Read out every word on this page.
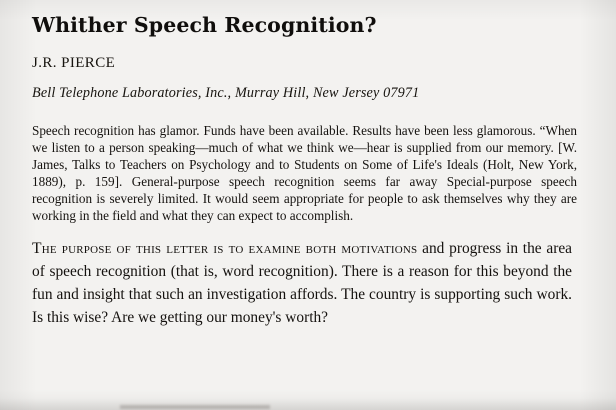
Whither Speech Recognition?
J.R. PIERCE
Bell Telephone Laboratories, Inc., Murray Hill, New Jersey 07971

Speech recognition has glamor. Funds have been available. Results have been less glamorous. “When we listen to a person speaking—much of what we think we—hear is supplied from our memory. [W. James, Talks to Teachers on Psychology and to Students on Some of Life's Ideals (Holt, New York, 1889), p. 159]. General-purpose speech recognition seems far away Special-purpose speech recognition is severely limited. It would seem appropriate for people to ask themselves why they are working in the field and what they can expect to accomplish.

The purpose of this letter is to examine both motivations and progress in the area of speech recognition (that is, word recognition). There is a reason for this beyond the fun and insight that such an investigation affords. The country is supporting such work. Is this wise? Are we getting our money's worth?
